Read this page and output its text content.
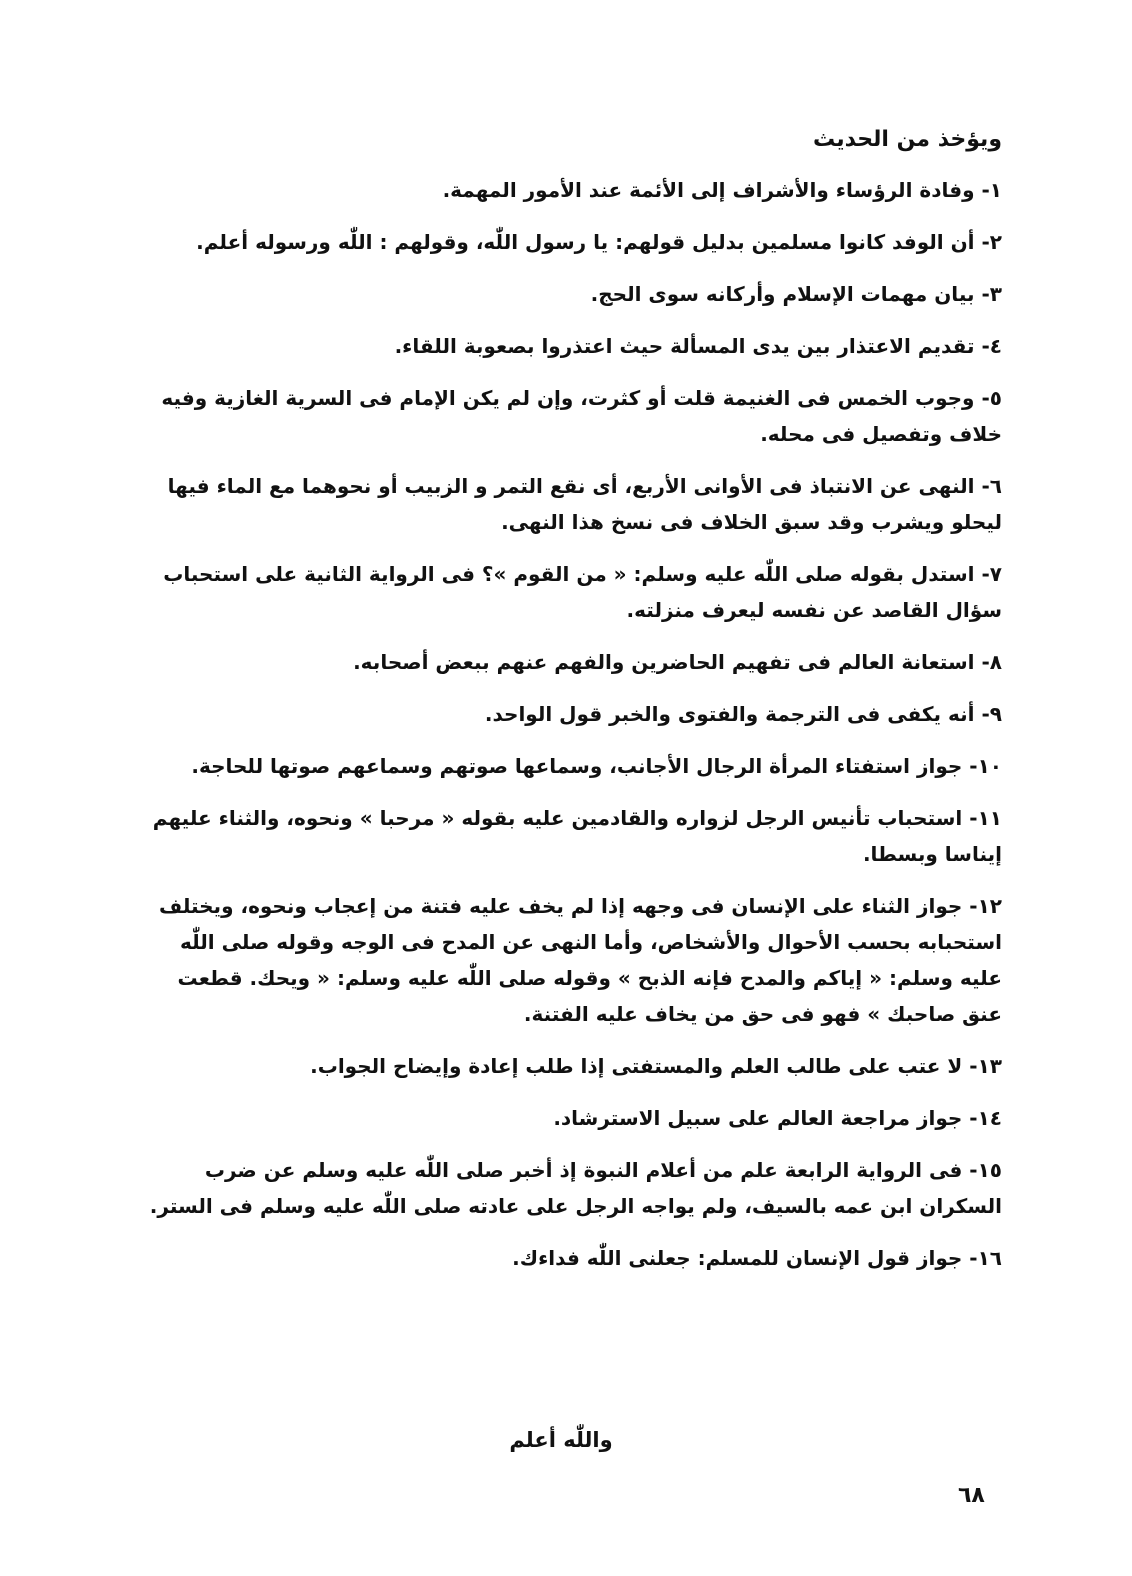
ويؤخذ من الحديث
١- وفادة الرؤساء والأشراف إلى الأئمة عند الأمور المهمة.
٢- أن الوفد كانوا مسلمين بدليل قولهم: يا رسول اللّٰه، وقولهم : اللّٰه ورسوله أعلم.
٣- بيان مهمات الإسلام وأركانه سوى الحج.
٤- تقديم الاعتذار بين يدى المسألة حيث اعتذروا بصعوبة اللقاء.
٥- وجوب الخمس فى الغنيمة قلت أو كثرت، وإن لم يكن الإمام فى السرية الغازية وفيه خلاف وتفصيل فى محله.
٦- النهى عن الانتباذ فى الأوانى الأربع، أى نقع التمر و الزبيب أو نحوهما مع الماء فيها ليحلو ويشرب وقد سبق الخلاف فى نسخ هذا النهى.
٧- استدل بقوله صلى اللّٰه عليه وسلم: « من القوم »؟ فى الرواية الثانية على استحباب سؤال القاصد عن نفسه ليعرف منزلته.
٨- استعانة العالم فى تفهيم الحاضرين والفهم عنهم ببعض أصحابه.
٩- أنه يكفى فى الترجمة والفتوى والخبر قول الواحد.
١٠- جواز استفتاء المرأة الرجال الأجانب، وسماعها صوتهم وسماعهم صوتها للحاجة.
١١- استحباب تأنيس الرجل لزواره والقادمين عليه بقوله « مرحبا » ونحوه، والثناء عليهم إيناسا وبسطا.
١٢- جواز الثناء على الإنسان فى وجهه إذا لم يخف عليه فتنة من إعجاب ونحوه، ويختلف استحبابه بحسب الأحوال والأشخاص، وأما النهى عن المدح فى الوجه وقوله صلى اللّٰه عليه وسلم: « إياكم والمدح فإنه الذبح » وقوله صلى اللّٰه عليه وسلم: « ويحك. قطعت عنق صاحبك » فهو فى حق من يخاف عليه الفتنة.
١٣- لا عتب على طالب العلم والمستفتى إذا طلب إعادة وإيضاح الجواب.
١٤- جواز مراجعة العالم على سبيل الاسترشاد.
١٥- فى الرواية الرابعة علم من أعلام النبوة إذ أخبر صلى اللّٰه عليه وسلم عن ضرب السكران ابن عمه بالسيف، ولم يواجه الرجل على عادته صلى اللّٰه عليه وسلم فى الستر.
١٦- جواز قول الإنسان للمسلم: جعلنى اللّٰه فداءك.
واللّٰه أعلم
٦٨
